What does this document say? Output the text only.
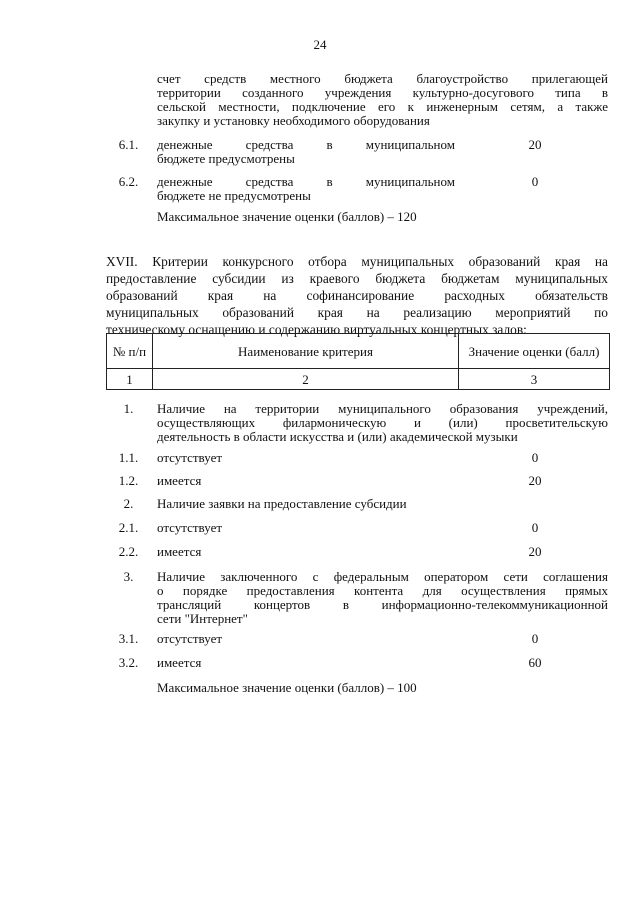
24
счет средств местного бюджета благоустройство прилегающей
территории созданного учреждения культурно-досугового типа в
сельской местности, подключение его к инженерным сетям, а также
закупку и установку необходимого оборудования
6.1.	денежные средства в муниципальном
бюджете предусмотрены
20
6.2.	денежные средства в муниципальном
бюджете не предусмотрены
0
Максимальное значение оценки (баллов) – 120
XVII. Критерии конкурсного отбора муниципальных образований края на
предоставление субсидии из краевого бюджета бюджетам муниципальных
образований края на софинансирование расходных обязательств
муниципальных образований края на реализацию мероприятий по
техническому оснащению и содержанию виртуальных концертных залов:
№ п/п	Наименование критерия	Значение оценки (балл)
1	2	3
1.	Наличие на территории муниципального образования учреждений,
осуществляющих филармоническую и (или) просветительскую
деятельность в области искусства и (или) академической музыки
1.1.	отсутствует	0
1.2.	имеется	20
2.	Наличие заявки на предоставление субсидии
2.1.	отсутствует	0
2.2.	имеется	20
3.	Наличие заключенного с федеральным оператором сети соглашения
о порядке предоставления контента для осуществления прямых
трансляций концертов в информационно-телекоммуникационной
сети "Интернет"
3.1.	отсутствует	0
3.2.	имеется	60
Максимальное значение оценки (баллов) – 100
